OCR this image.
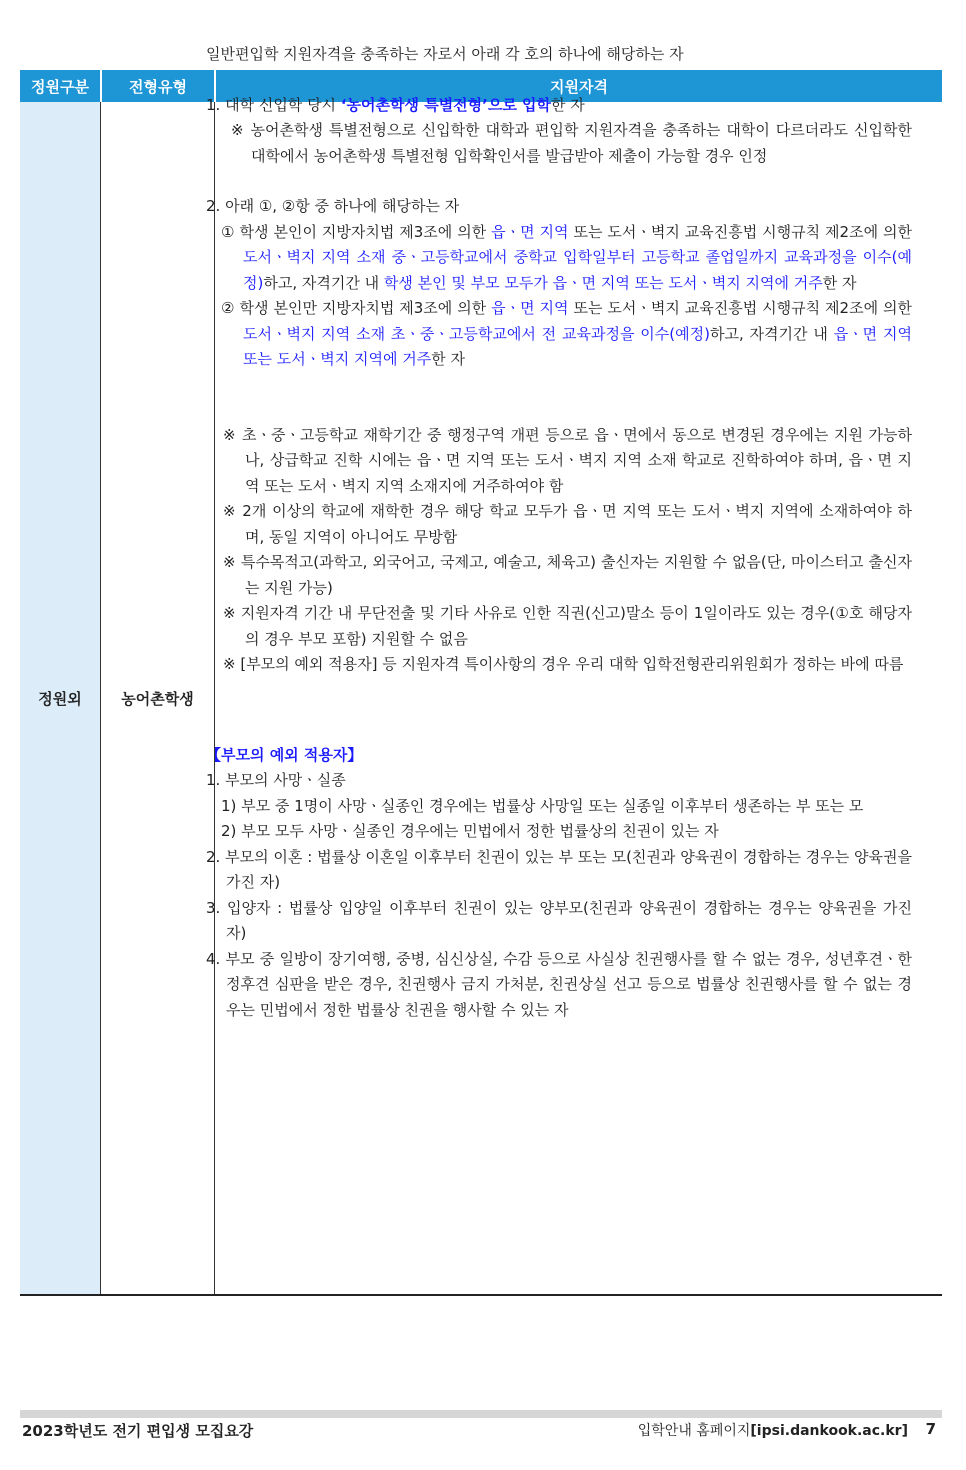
정원구분	전형유형	지원자격
정원외	농어촌학생
일반편입학 지원자격을 충족하는 자로서 아래 각 호의 하나에 해당하는 자
1. 대학 신입학 당시 ‘농어촌학생 특별전형’으로 입학한 자
※ 농어촌학생 특별전형으로 신입학한 대학과 편입학 지원자격을 충족하는 대학이 다르더라도 신입학한 대학에서 농어촌학생 특별전형 입학확인서를 발급받아 제출이 가능할 경우 인정
2. 아래 ①, ②항 중 하나에 해당하는 자
① 학생 본인이 지방자치법 제3조에 의한 읍ㆍ면 지역 또는 도서ㆍ벽지 교육진흥법 시행규칙 제2조에 의한 도서ㆍ벽지 지역 소재 중ㆍ고등학교에서 중학교 입학일부터 고등학교 졸업일까지 교육과정을 이수(예정)하고, 자격기간 내 학생 본인 및 부모 모두가 읍ㆍ면 지역 또는 도서ㆍ벽지 지역에 거주한 자
② 학생 본인만 지방자치법 제3조에 의한 읍ㆍ면 지역 또는 도서ㆍ벽지 교육진흥법 시행규칙 제2조에 의한 도서ㆍ벽지 지역 소재 초ㆍ중ㆍ고등학교에서 전 교육과정을 이수(예정)하고, 자격기간 내 읍ㆍ면 지역 또는 도서ㆍ벽지 지역에 거주한 자
※ 초ㆍ중ㆍ고등학교 재학기간 중 행정구역 개편 등으로 읍ㆍ면에서 동으로 변경된 경우에는 지원 가능하나, 상급학교 진학 시에는 읍ㆍ면 지역 또는 도서ㆍ벽지 지역 소재 학교로 진학하여야 하며, 읍ㆍ면 지역 또는 도서ㆍ벽지 지역 소재지에 거주하여야 함
※ 2개 이상의 학교에 재학한 경우 해당 학교 모두가 읍ㆍ면 지역 또는 도서ㆍ벽지 지역에 소재하여야 하며, 동일 지역이 아니어도 무방함
※ 특수목적고(과학고, 외국어고, 국제고, 예술고, 체육고) 출신자는 지원할 수 없음(단, 마이스터고 출신자는 지원 가능)
※ 지원자격 기간 내 무단전출 및 기타 사유로 인한 직권(신고)말소 등이 1일이라도 있는 경우(①호 해당자의 경우 부모 포함) 지원할 수 없음
※ [부모의 예외 적용자] 등 지원자격 특이사항의 경우 우리 대학 입학전형관리위원회가 정하는 바에 따름
【부모의 예외 적용자】
1. 부모의 사망ㆍ실종
1) 부모 중 1명이 사망ㆍ실종인 경우에는 법률상 사망일 또는 실종일 이후부터 생존하는 부 또는 모
2) 부모 모두 사망ㆍ실종인 경우에는 민법에서 정한 법률상의 친권이 있는 자
2. 부모의 이혼 : 법률상 이혼일 이후부터 친권이 있는 부 또는 모(친권과 양육권이 경합하는 경우는 양육권을 가진 자)
3. 입양자 : 법률상 입양일 이후부터 친권이 있는 양부모(친권과 양육권이 경합하는 경우는 양육권을 가진 자)
4. 부모 중 일방이 장기여행, 중병, 심신상실, 수감 등으로 사실상 친권행사를 할 수 없는 경우, 성년후견ㆍ한정후견 심판을 받은 경우, 친권행사 금지 가처분, 친권상실 선고 등으로 법률상 친권행사를 할 수 없는 경우는 민법에서 정한 법률상 친권을 행사할 수 있는 자
2023학년도 전기 편입생 모집요강	입학안내 홈페이지[ipsi.dankook.ac.kr] 7
